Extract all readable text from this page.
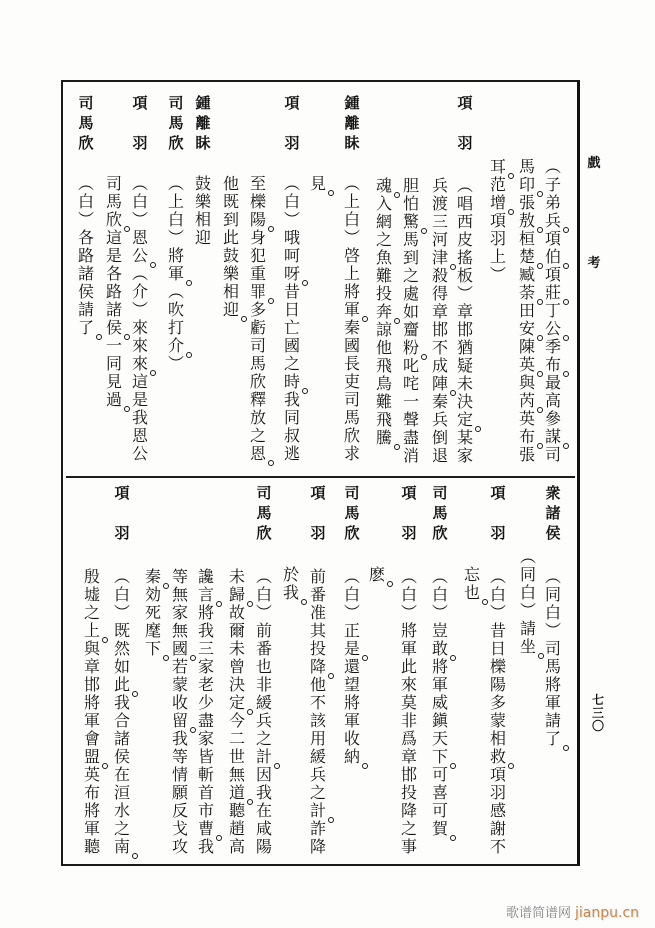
戲
考
七
三
〇
︵
子
弟
兵
項
伯
項
莊
丁
公
季
布
最
高
參
謀
司
馬
印
張
敖
桓
楚
臧
荼
田
安
陳
英
與
芮
英
布
張
耳
范
增
項
羽
上
︶
項
羽
︵
唱
西
皮
搖
板
︶
章
邯
猶
疑
未
決
定
某
家
兵
渡
三
河
津
殺
得
章
邯
不
成
陣
秦
兵
倒
退
胆
怕
驚
馬
到
之
處
如
齏
粉
叱
咤
一
聲
盡
消
魂
入
網
之
魚
難
投
奔
諒
他
飛
鳥
難
飛
騰
鍾
離
眛
︵
上
白
︶
啓
上
將
軍
秦
國
長
吏
司
馬
欣
求
見
項
羽
︵
白
︶
哦
呵
呀
昔
日
亡
國
之
時
我
同
叔
逃
至
櫟
陽
身
犯
重
罪
多
虧
司
馬
欣
釋
放
之
恩
他
既
到
此
鼓
樂
相
迎
鍾
離
眛
鼓
樂
相
迎
司
馬
欣
︵
上
白
︶
將
軍
︵
吹
打
介
︶
項
羽
︵
白
︶
恩
公
︵
介
︶
來
來
來
這
是
我
恩
公
司
馬
欣
這
是
各
路
諸
侯
一
同
見
過
司
馬
欣
︵
白
︶
各
路
諸
侯
請
了
衆
諸
侯
︵
同
白
︶
司
馬
將
軍
請
了
︵
同
白
︶
請
坐
項
羽
︵
白
︶
昔
日
櫟
陽
多
蒙
相
救
項
羽
感
謝
不
忘
也
司
馬
欣
︵
白
︶
豈
敢
將
軍
威
鎭
天
下
可
喜
可
賀
項
羽
︵
白
︶
將
軍
此
來
莫
非
爲
章
邯
投
降
之
事
麽
司
馬
欣
︵
白
︶
正
是
還
望
將
軍
收
納
項
羽
前
番
准
其
投
降
他
不
該
用
緩
兵
之
計
詐
降
於
我
司
馬
欣
︵
白
︶
前
番
也
非
緩
兵
之
計
因
我
在
咸
陽
未
歸
故
爾
未
曾
決
定
今
二
世
無
道
聽
趙
高
讒
言
將
我
三
家
老
少
盡
家
皆
斬
首
市
曹
我
等
無
家
無
國
若
蒙
收
留
我
等
情
願
反
戈
攻
秦
効
死
麾
下
項
羽
︵
白
︶
既
然
如
此
我
合
諸
侯
在
洹
水
之
南
殷
墟
之
上
與
章
邯
將
軍
會
盟
英
布
將
軍
聽
歌谱简谱网 jianpu.cn
